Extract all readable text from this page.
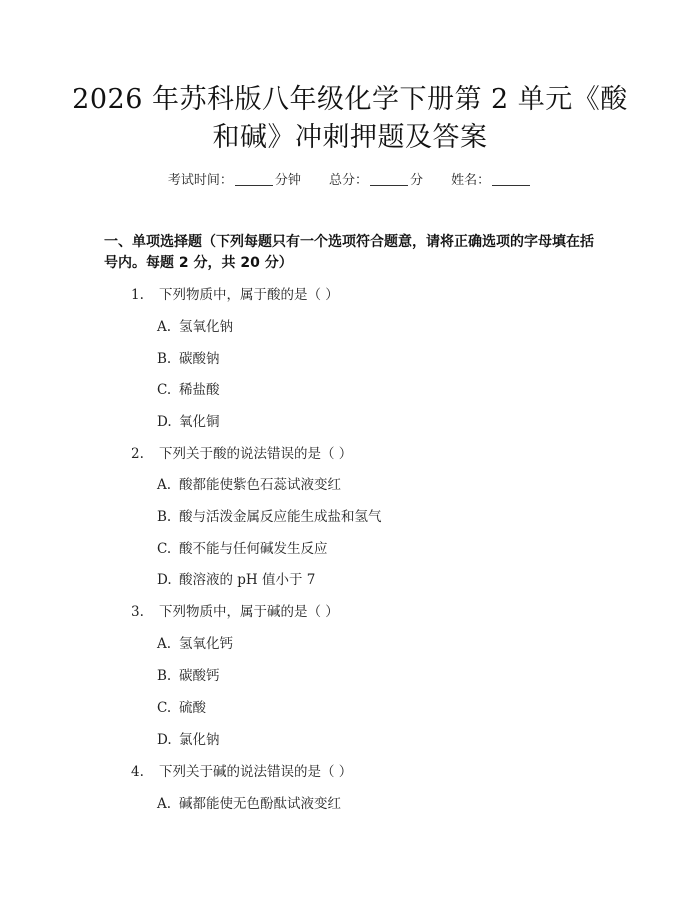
2026 年苏科版八年级化学下册第 2 单元《酸
和碱》冲刺押题及答案
考试时间：	分钟 总分：	分 姓名：
一、单项选择题（下列每题只有一个选项符合题意，请将正确选项的字母填在括
号内。每题 2 分，共 20 分）
1. 下列物质中，属于酸的是（ ）
A. 氢氧化钠
B. 碳酸钠
C. 稀盐酸
D. 氧化铜
2. 下列关于酸的说法错误的是（ ）
A. 酸都能使紫色石蕊试液变红
B. 酸与活泼金属反应能生成盐和氢气
C. 酸不能与任何碱发生反应
D. 酸溶液的 pH 值小于 7
3. 下列物质中，属于碱的是（ ）
A. 氢氧化钙
B. 碳酸钙
C. 硫酸
D. 氯化钠
4. 下列关于碱的说法错误的是（ ）
A. 碱都能使无色酚酞试液变红
